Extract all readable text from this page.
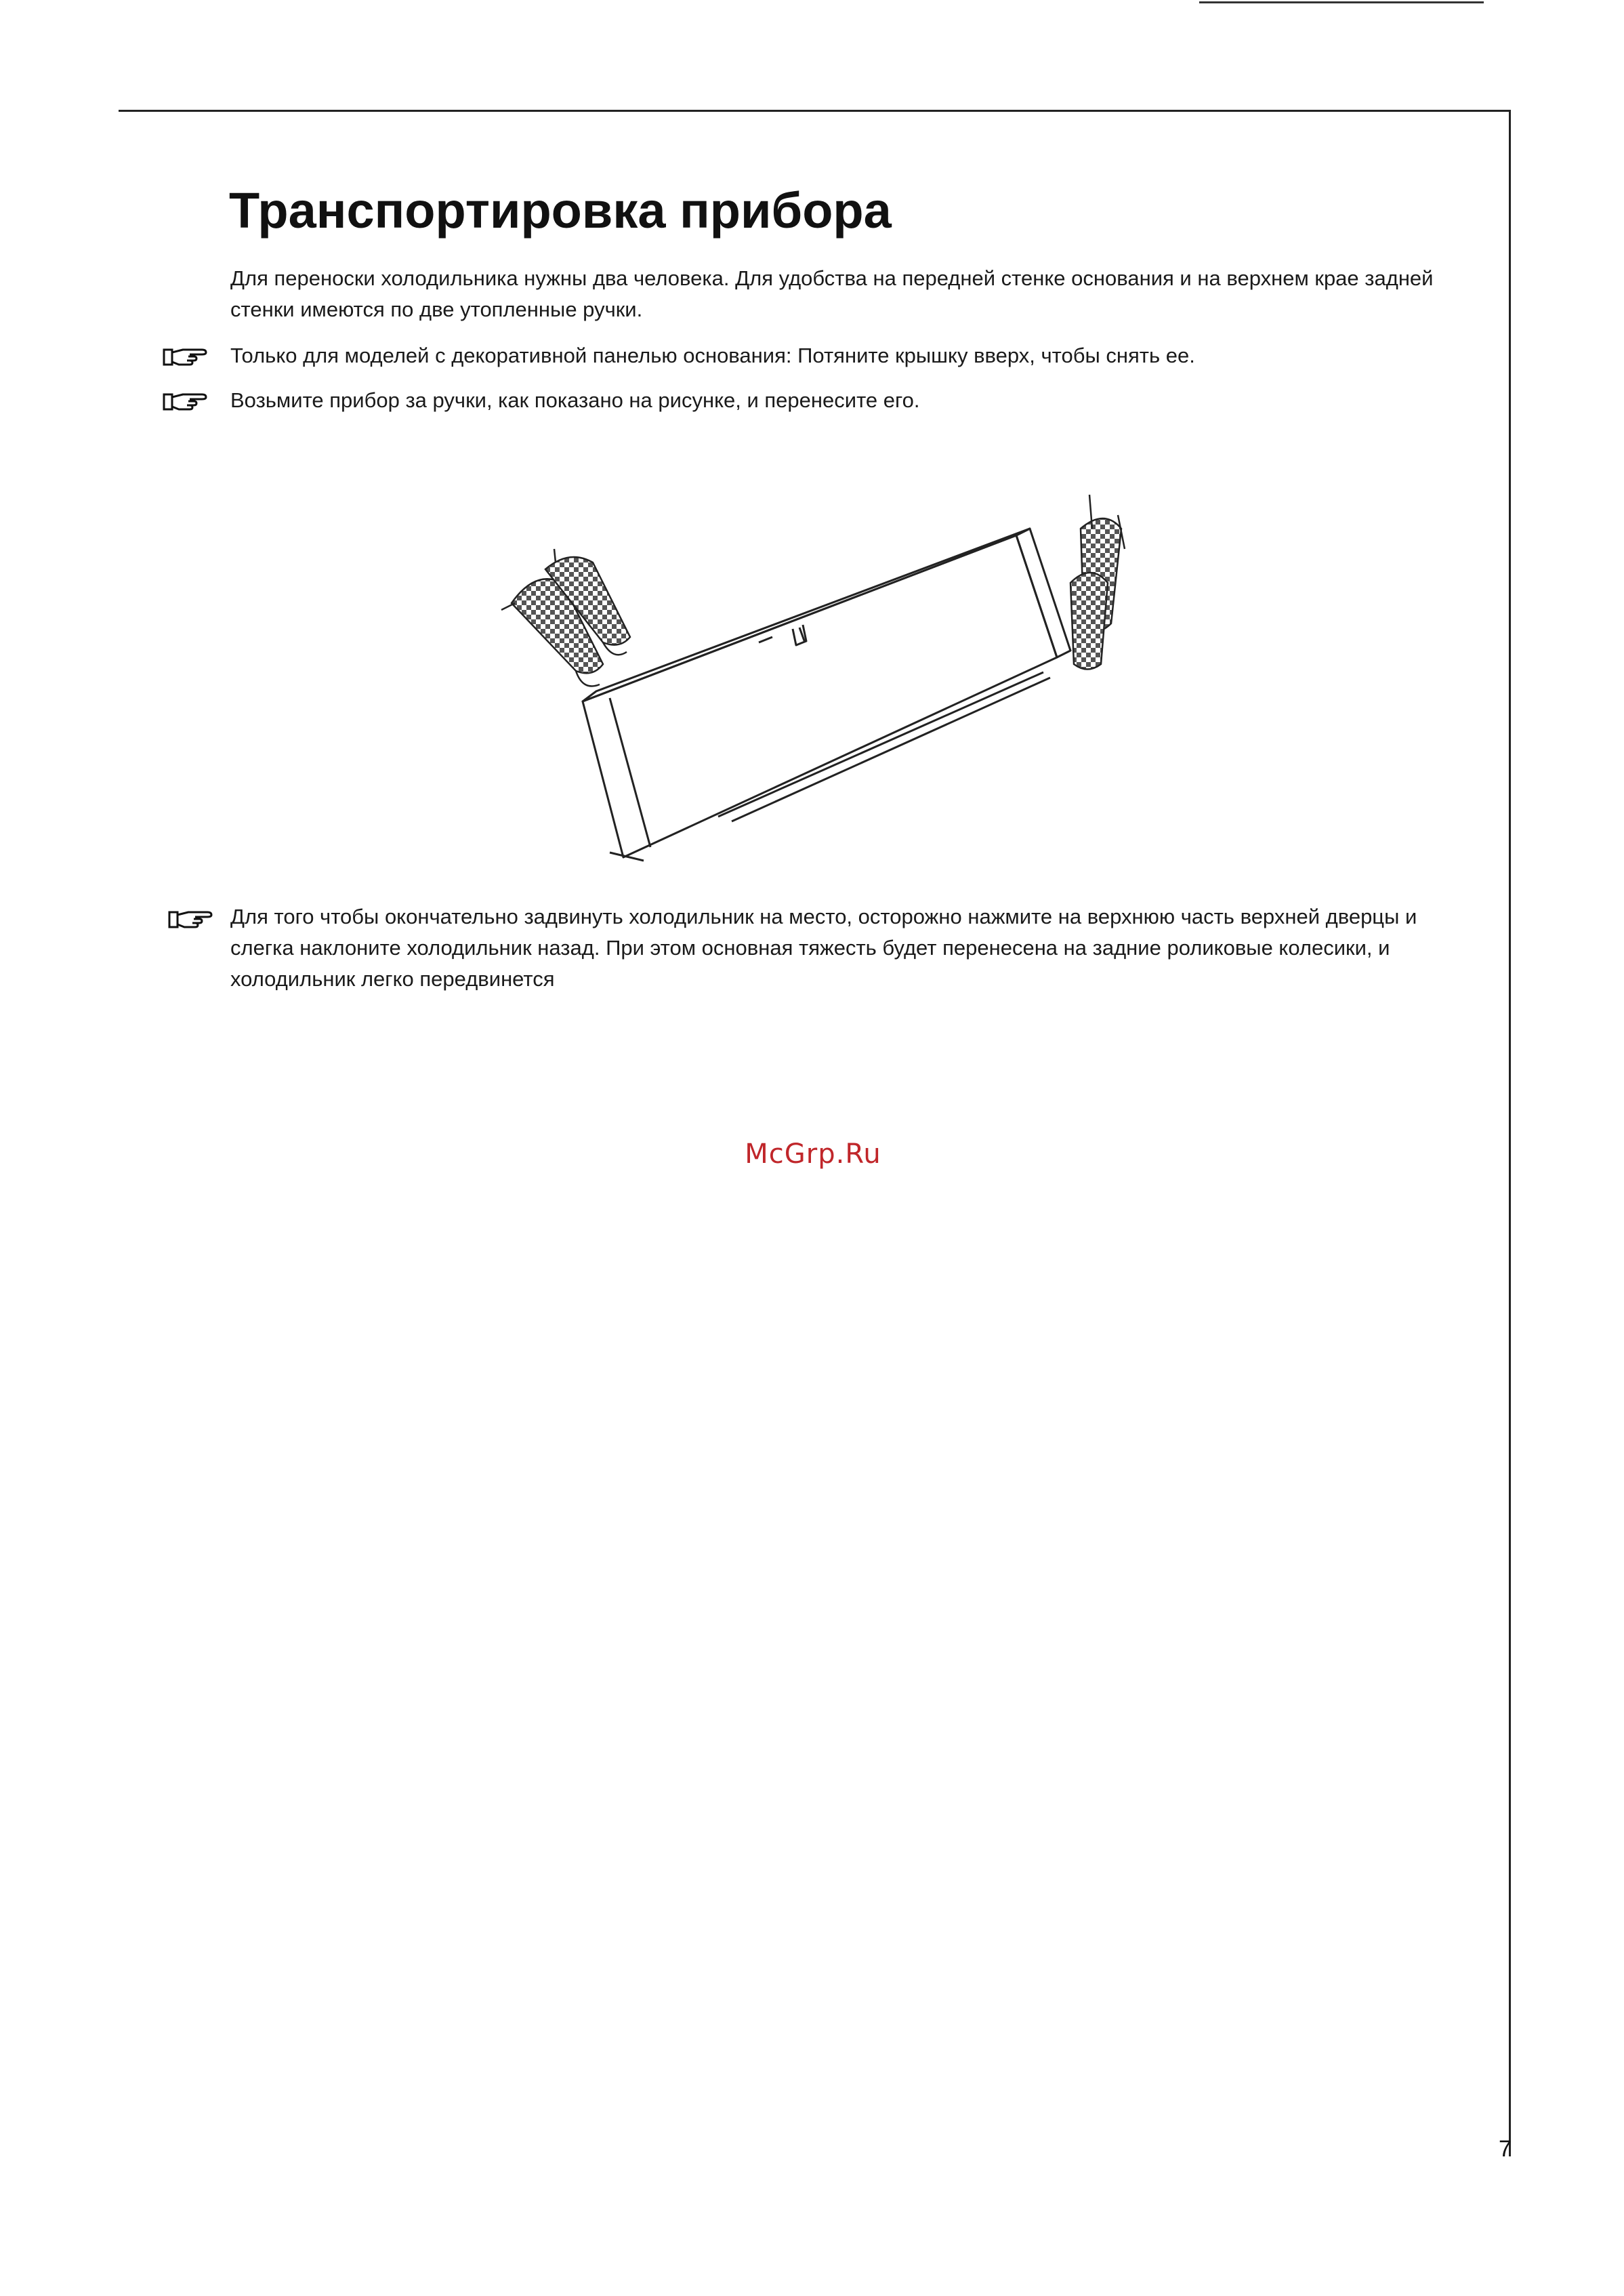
Транспортировка прибора

Для переноски холодильника нужны два человека. Для удобства на передней стенке основания и на верхнем крае задней стенки имеются по две утопленные ручки.

Только для моделей с декоративной панелью основания: Потяните крышку вверх, чтобы снять ее.

Возьмите прибор за ручки, как показано на рисунке, и перенесите его.

Для того чтобы окончательно задвинуть холодильник на место, осторожно нажмите на верхнюю часть верхней дверцы и слегка наклоните холодильник назад. При этом основная тяжесть будет перенесена на задние роликовые колесики, и холодильник легко передвинется

McGrp.Ru
7
